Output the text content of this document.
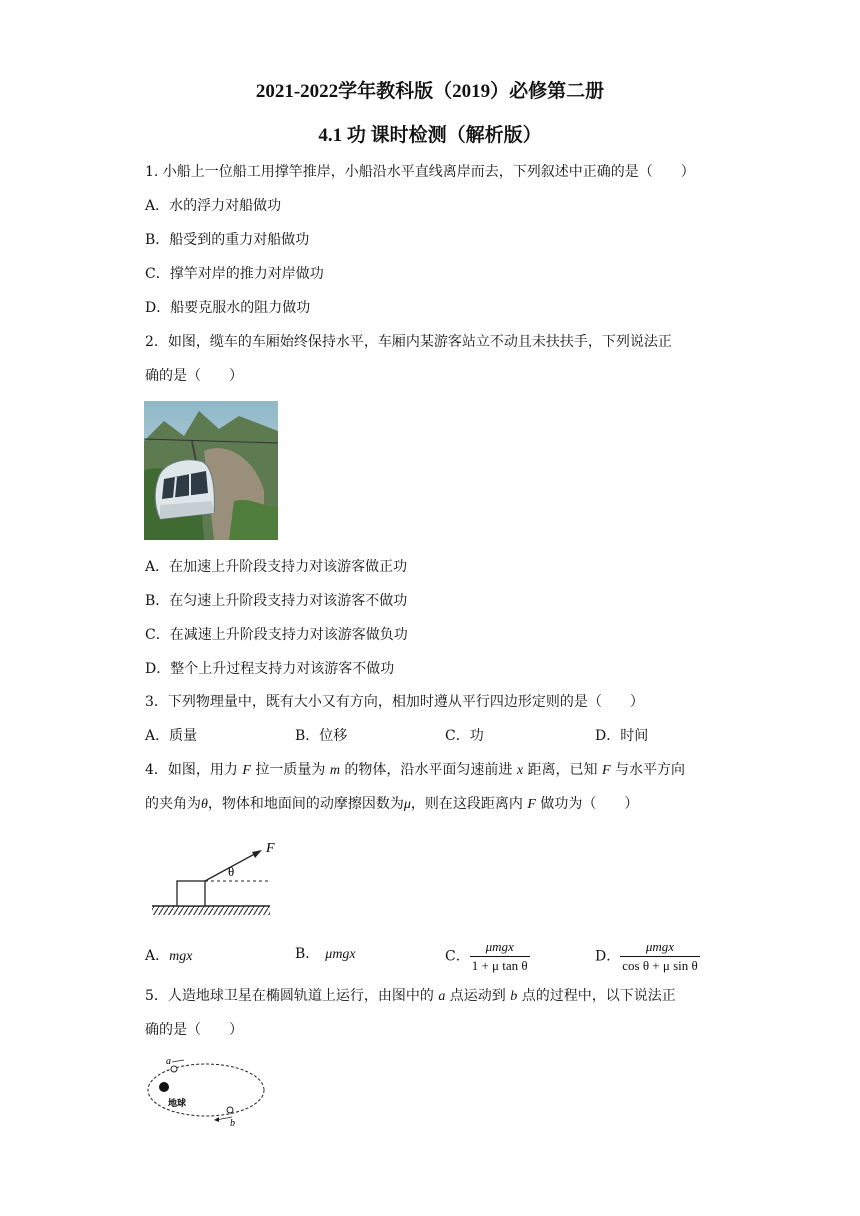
2021-2022学年教科版（2019）必修第二册
4.1 功 课时检测（解析版）
1. 小船上一位船工用撑竿推岸，小船沿水平直线离岸而去，下列叙述中正确的是（　　）
A．水的浮力对船做功
B．船受到的重力对船做功
C．撑竿对岸的推力对岸做功
D．船要克服水的阻力做功
2．如图，缆车的车厢始终保持水平，车厢内某游客站立不动且未扶扶手，下列说法正
确的是（　　）
A．在加速上升阶段支持力对该游客做正功
B．在匀速上升阶段支持力对该游客不做功
C．在减速上升阶段支持力对该游客做负功
D．整个上升过程支持力对该游客不做功
3．下列物理量中，既有大小又有方向，相加时遵从平行四边形定则的是（　　）
A．质量	B．位移	C．功	D．时间
4．如图，用力 F 拉一质量为 m 的物体，沿水平面匀速前进 x 距离，已知 F 与水平方向
的夹角为θ，物体和地面间的动摩擦因数为μ，则在这段距离内 F 做功为（　　）
F
θ
A．mgx	B． μmgx	C． $\frac{\text{μmgx}}{\text{1 + μ tan θ}}$	D． $\frac{\text{μmgx}}{\text{cos θ + μ sin θ}}$
5．人造地球卫星在椭圆轨道上运行，由图中的 a 点运动到 b 点的过程中，以下说法正
确的是（　　）
地球
a
b
